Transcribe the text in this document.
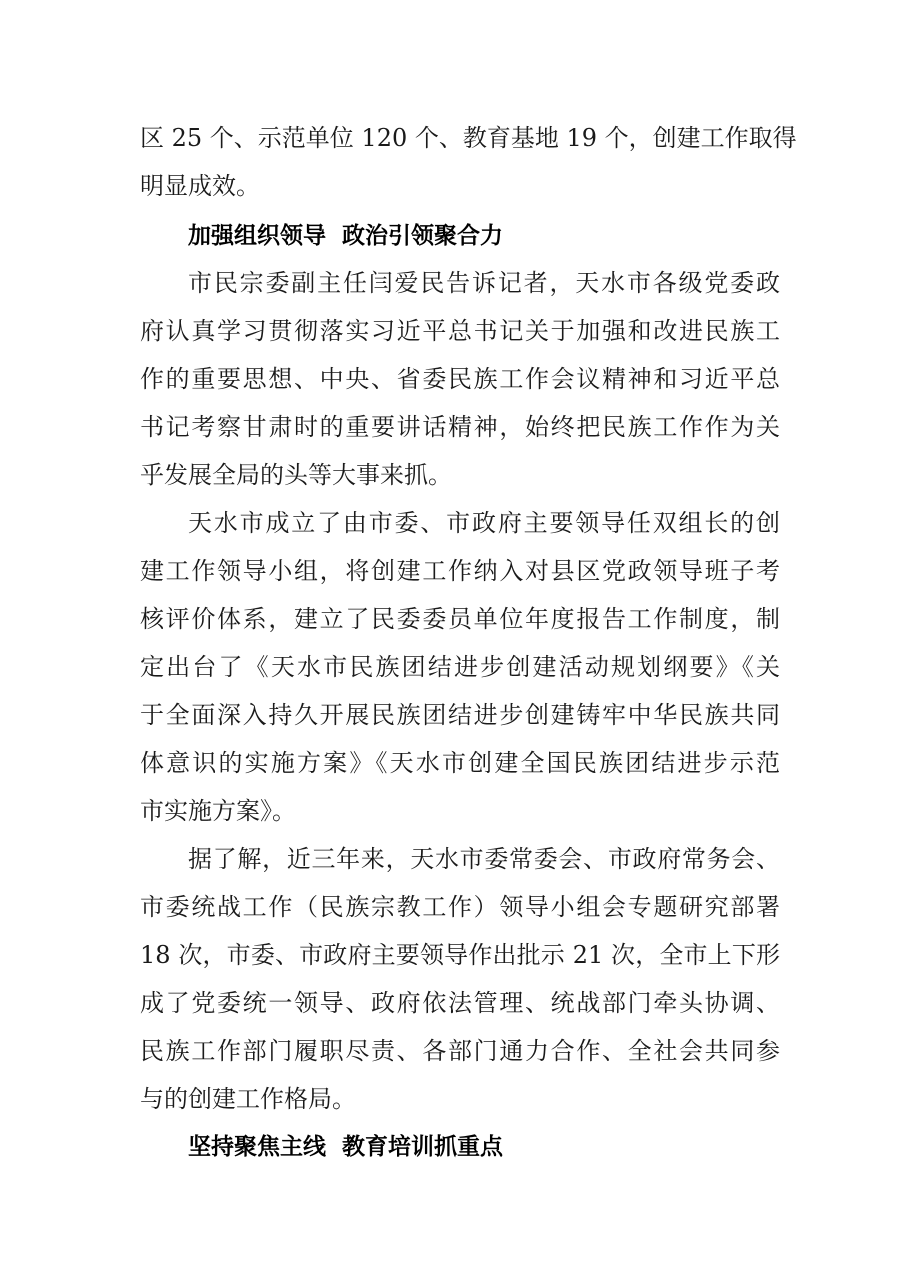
区 25 个、示范单位 120 个、教育基地 19 个，创建工作取得
明显成效。
加强组织领导  政治引领聚合力
市民宗委副主任闫爱民告诉记者，天水市各级党委政
府认真学习贯彻落实习近平总书记关于加强和改进民族工
作的重要思想、中央、省委民族工作会议精神和习近平总
书记考察甘肃时的重要讲话精神，始终把民族工作作为关
乎发展全局的头等大事来抓。
天水市成立了由市委、市政府主要领导任双组长的创
建工作领导小组，将创建工作纳入对县区党政领导班子考
核评价体系，建立了民委委员单位年度报告工作制度，制
定出台了《天水市民族团结进步创建活动规划纲要》《关
于全面深入持久开展民族团结进步创建铸牢中华民族共同
体意识的实施方案》《天水市创建全国民族团结进步示范
市实施方案》。
据了解，近三年来，天水市委常委会、市政府常务会、
市委统战工作（民族宗教工作）领导小组会专题研究部署
18 次，市委、市政府主要领导作出批示 21 次，全市上下形
成了党委统一领导、政府依法管理、统战部门牵头协调、
民族工作部门履职尽责、各部门通力合作、全社会共同参
与的创建工作格局。
坚持聚焦主线  教育培训抓重点
